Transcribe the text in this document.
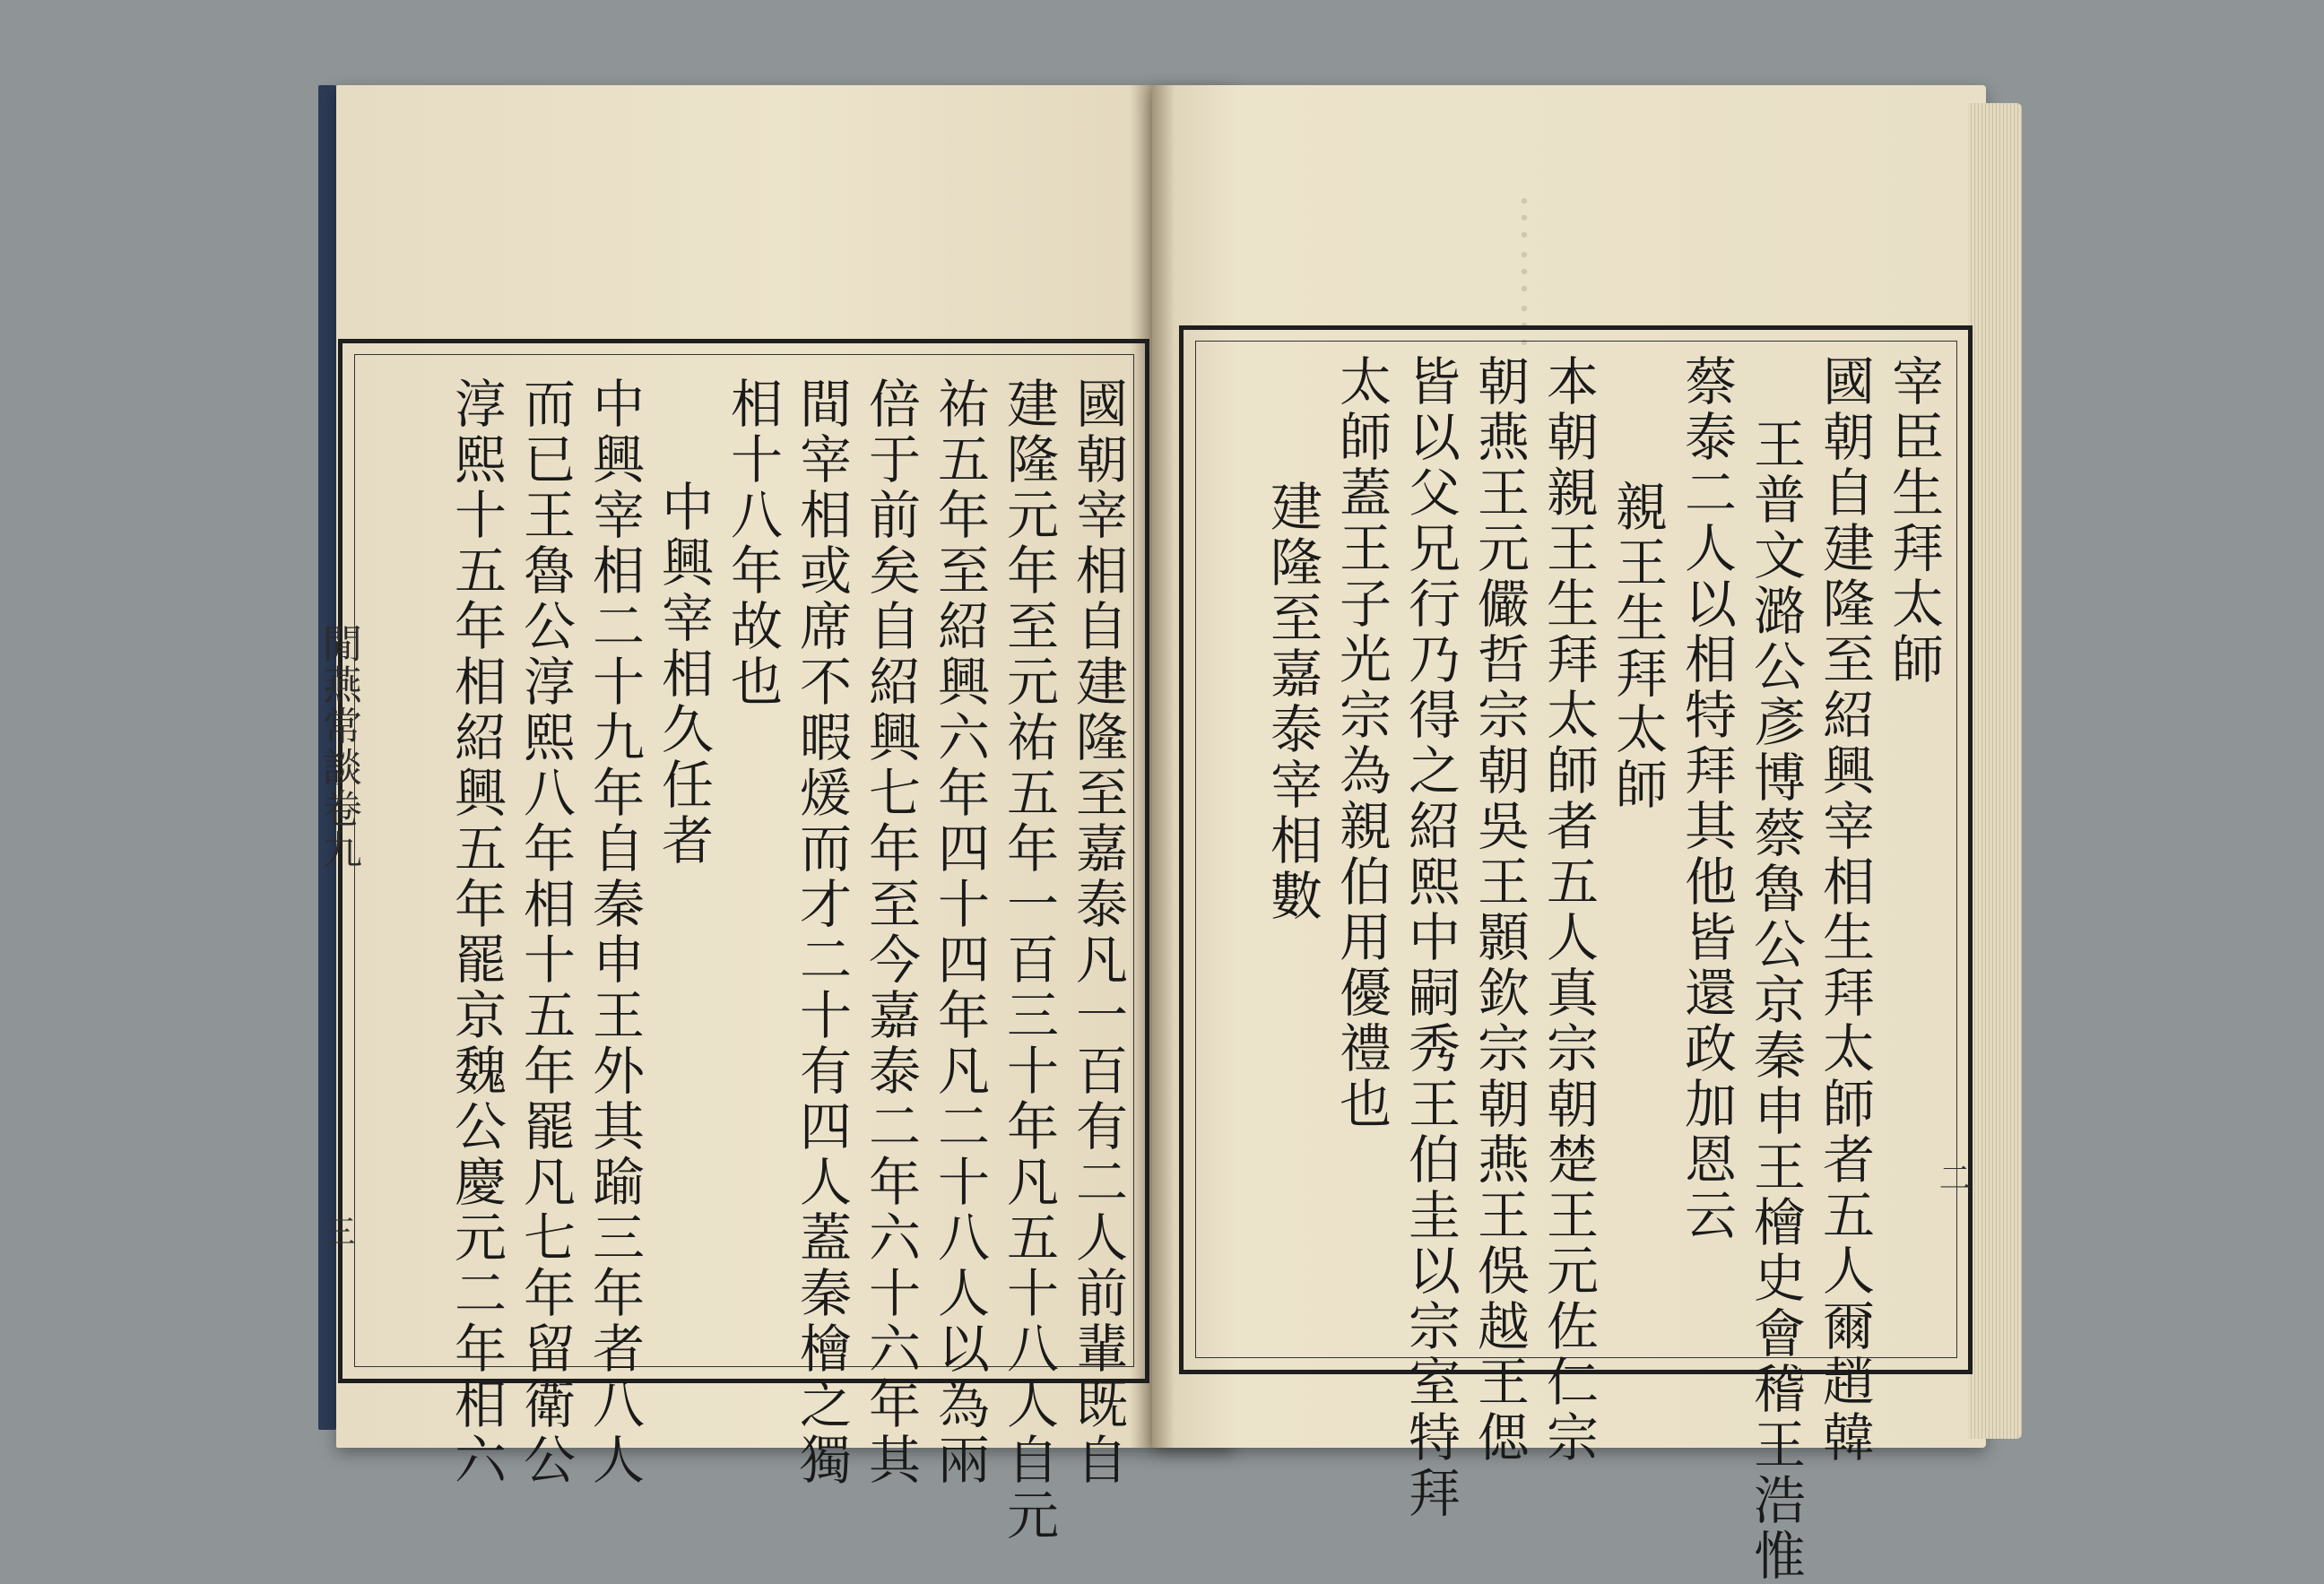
︙︙︙
閒燕常談卷九
三	國朝宰相自建隆至嘉泰凡一百有二人前輩既自
建隆元年至元祐五年一百三十年凡五十八人自元
祐五年至紹興六年四十四年凡二十八人以為兩
倍于前矣自紹興七年至今嘉泰二年六十六年其
間宰相或席不暇煖而才二十有四人蓋秦檜之獨
相十八年故也
中興宰相久任者
中興宰相二十九年自秦申王外其踰三年者八人
而已王魯公淳熙八年相十五年罷凡七年留衛公
淳熙十五年相紹興五年罷京魏公慶元二年相六	二
宰臣生拜太師
國朝自建隆至紹興宰相生拜太師者五人爾趙韓
王普文潞公彥博蔡魯公京秦申王檜史會稽王浩惟
蔡泰二人以相特拜其他皆還政加恩云
親王生拜太師
本朝親王生拜太師者五人真宗朝楚王元佐仁宗
朝燕王元儼哲宗朝吳王顥欽宗朝燕王俁越王偲
皆以父兄行乃得之紹熙中嗣秀王伯圭以宗室特拜
太師蓋王子光宗為親伯用優禮也
建隆至嘉泰宰相數
